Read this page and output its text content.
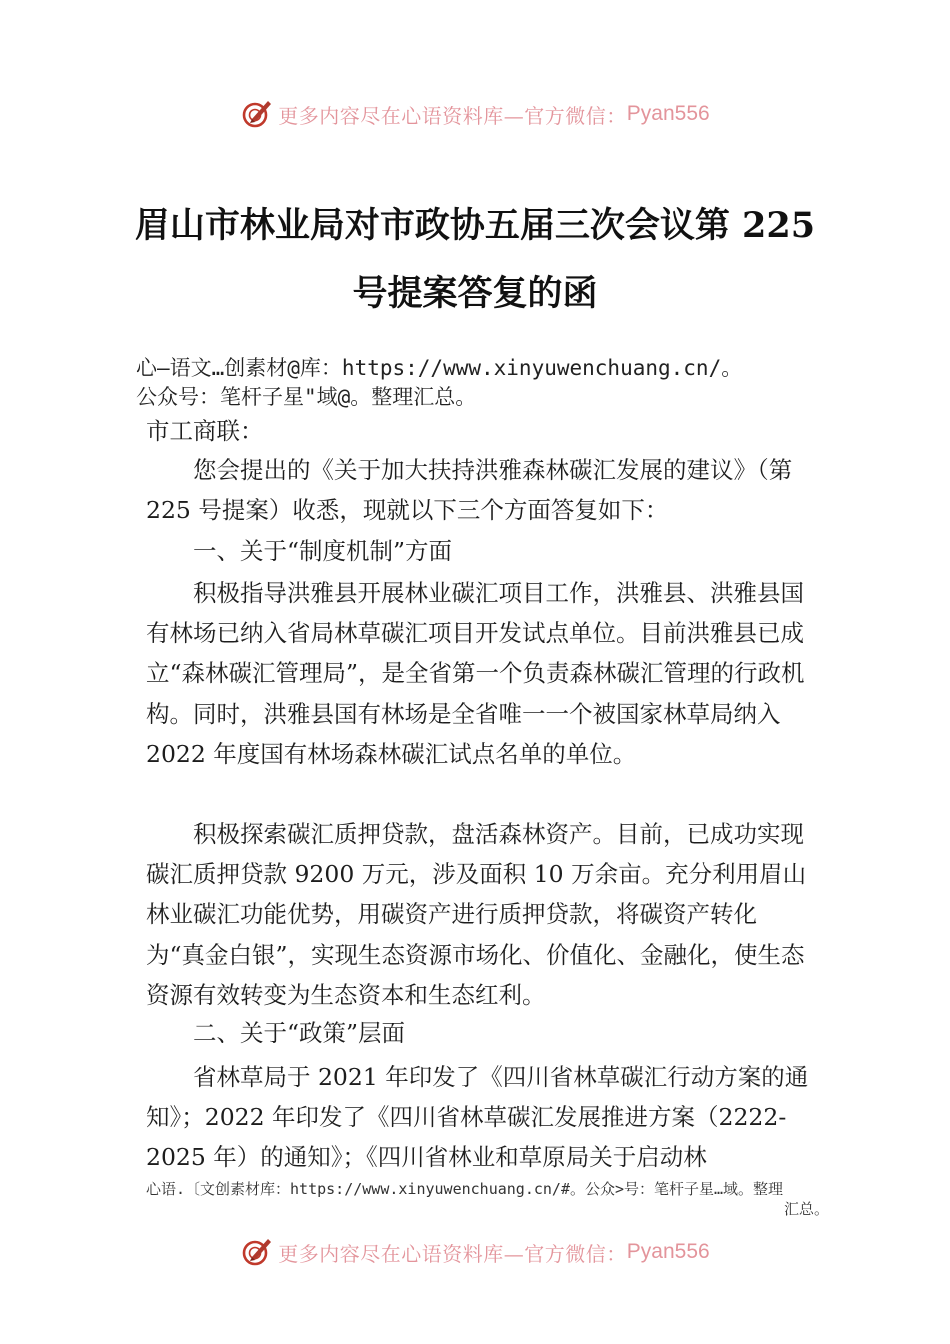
更多内容尽在心语资料库—官方微信： Pyan556
眉山市林业局对市政协五届三次会议第 225
号提案答复的函
心—语文…创素材@库：https://www.xinyuwenchuang.cn/。
公众号：笔杆子星"域@。整理汇总。

市工商联：

您会提出的《关于加大扶持洪雅森林碳汇发展的建议》（第 225 号提案）收悉，现就以下三个方面答复如下：

一、关于“制度机制”方面

积极指导洪雅县开展林业碳汇项目工作，洪雅县、洪雅县国有林场已纳入省局林草碳汇项目开发试点单位。目前洪雅县已成立“森林碳汇管理局”，是全省第一个负责森林碳汇管理的行政机构。同时，洪雅县国有林场是全省唯一一个被国家林草局纳入 2022 年度国有林场森林碳汇试点名单的单位。

积极探索碳汇质押贷款，盘活森林资产。目前，已成功实现碳汇质押贷款 9200 万元，涉及面积 10 万余亩。充分利用眉山林业碳汇功能优势，用碳资产进行质押贷款，将碳资产转化为“真金白银”，实现生态资源市场化、价值化、金融化，使生态资源有效转变为生态资本和生态红利。

二、关于“政策”层面

省林草局于 2021 年印发了《四川省林草碳汇行动方案的通知》；2022 年印发了《四川省林草碳汇发展推进方案（2222-2025 年）的通知》；《四川省林业和草原局关于启动林

心语.〔文创素材库：https://www.xinyuwenchuang.cn/#。公众>号：笔杆子星…域。整理
汇总。
更多内容尽在心语资料库—官方微信： Pyan556
